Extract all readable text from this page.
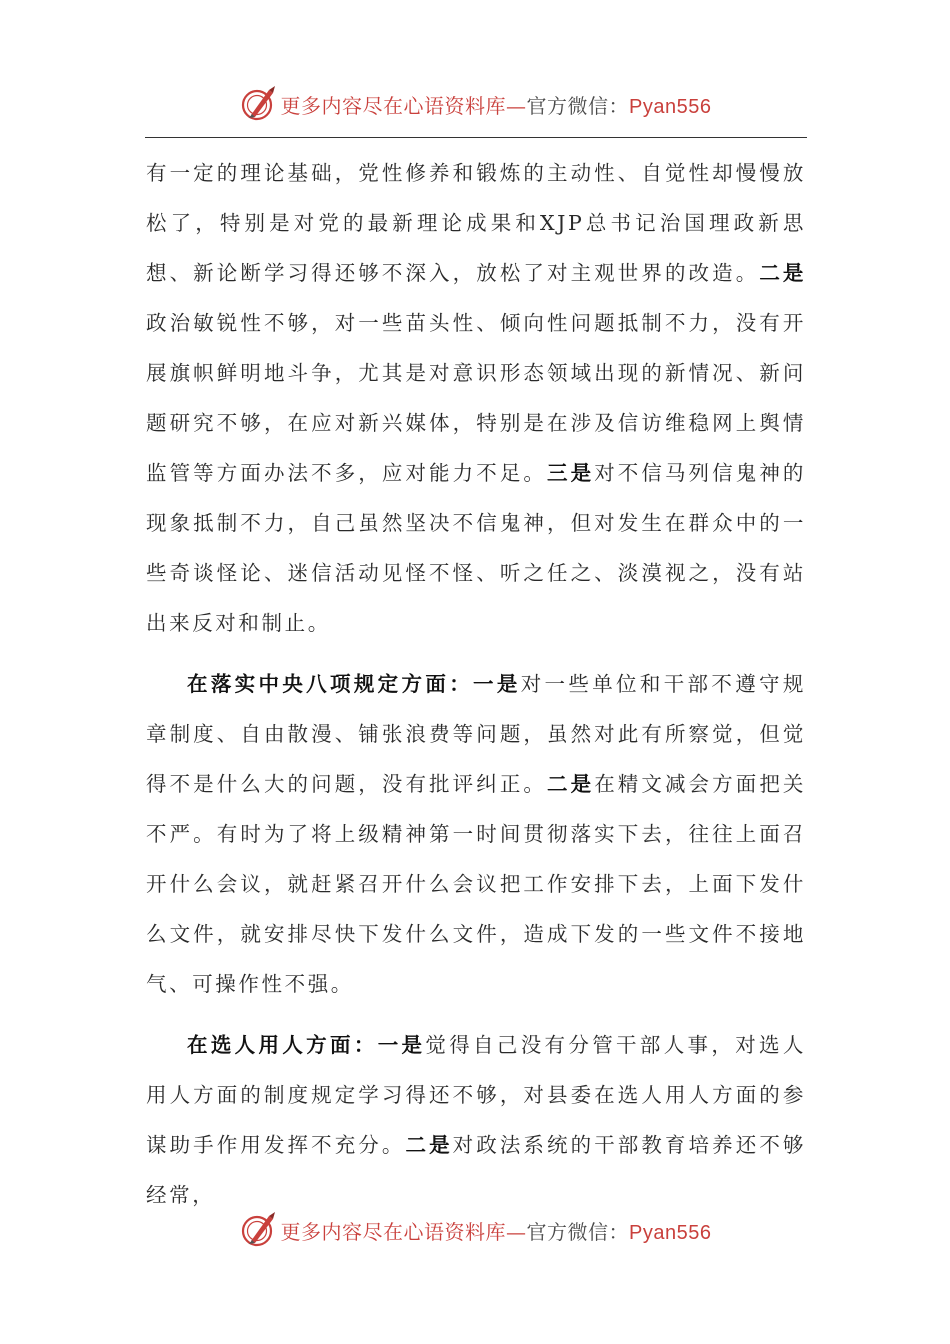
更多内容尽在心语资料库—官方微信：Pyan556

有一定的理论基础，党性修养和锻炼的主动性、自觉性却慢慢放松了，特别是对党的最新理论成果和XJP总书记治国理政新思想、新论断学习得还够不深入，放松了对主观世界的改造。二是政治敏锐性不够，对一些苗头性、倾向性问题抵制不力，没有开展旗帜鲜明地斗争，尤其是对意识形态领域出现的新情况、新问题研究不够，在应对新兴媒体，特别是在涉及信访维稳网上舆情监管等方面办法不多，应对能力不足。三是对不信马列信鬼神的现象抵制不力，自己虽然坚决不信鬼神，但对发生在群众中的一些奇谈怪论、迷信活动见怪不怪、听之任之、淡漠视之，没有站出来反对和制止。

在落实中央八项规定方面：一是对一些单位和干部不遵守规章制度、自由散漫、铺张浪费等问题，虽然对此有所察觉，但觉得不是什么大的问题，没有批评纠正。二是在精文减会方面把关不严。有时为了将上级精神第一时间贯彻落实下去，往往上面召开什么会议，就赶紧召开什么会议把工作安排下去，上面下发什么文件，就安排尽快下发什么文件，造成下发的一些文件不接地气、可操作性不强。

在选人用人方面：一是觉得自己没有分管干部人事，对选人用人方面的制度规定学习得还不够，对县委在选人用人方面的参谋助手作用发挥不充分。二是对政法系统的干部教育培养还不够经常，

更多内容尽在心语资料库—官方微信：Pyan556
